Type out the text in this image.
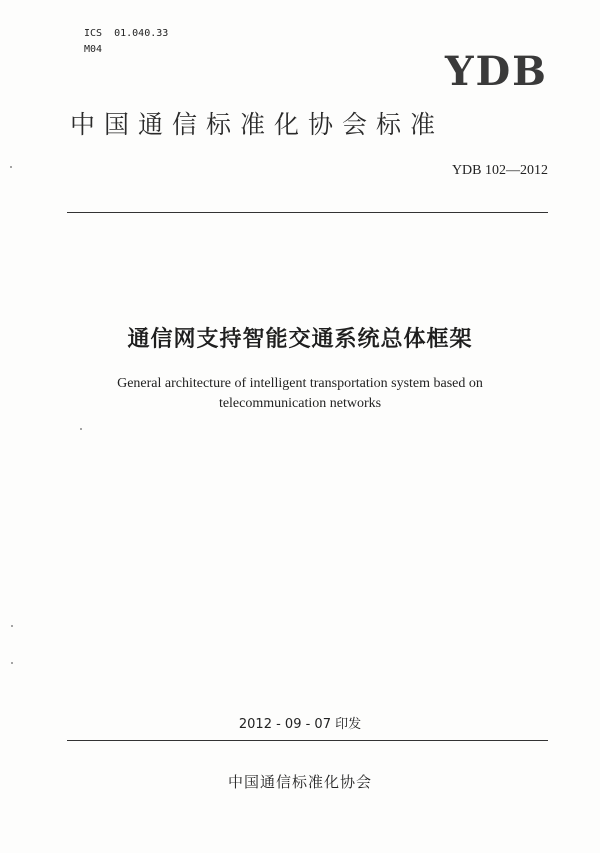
ICS  01.040.33
M04	YDB
中国通信标准化协会标准
YDB 102—2012
通信网支持智能交通系统总体框架
General architecture of intelligent transportation system based on
telecommunication networks
2012 - 09 - 07 印发
中国通信标准化协会
